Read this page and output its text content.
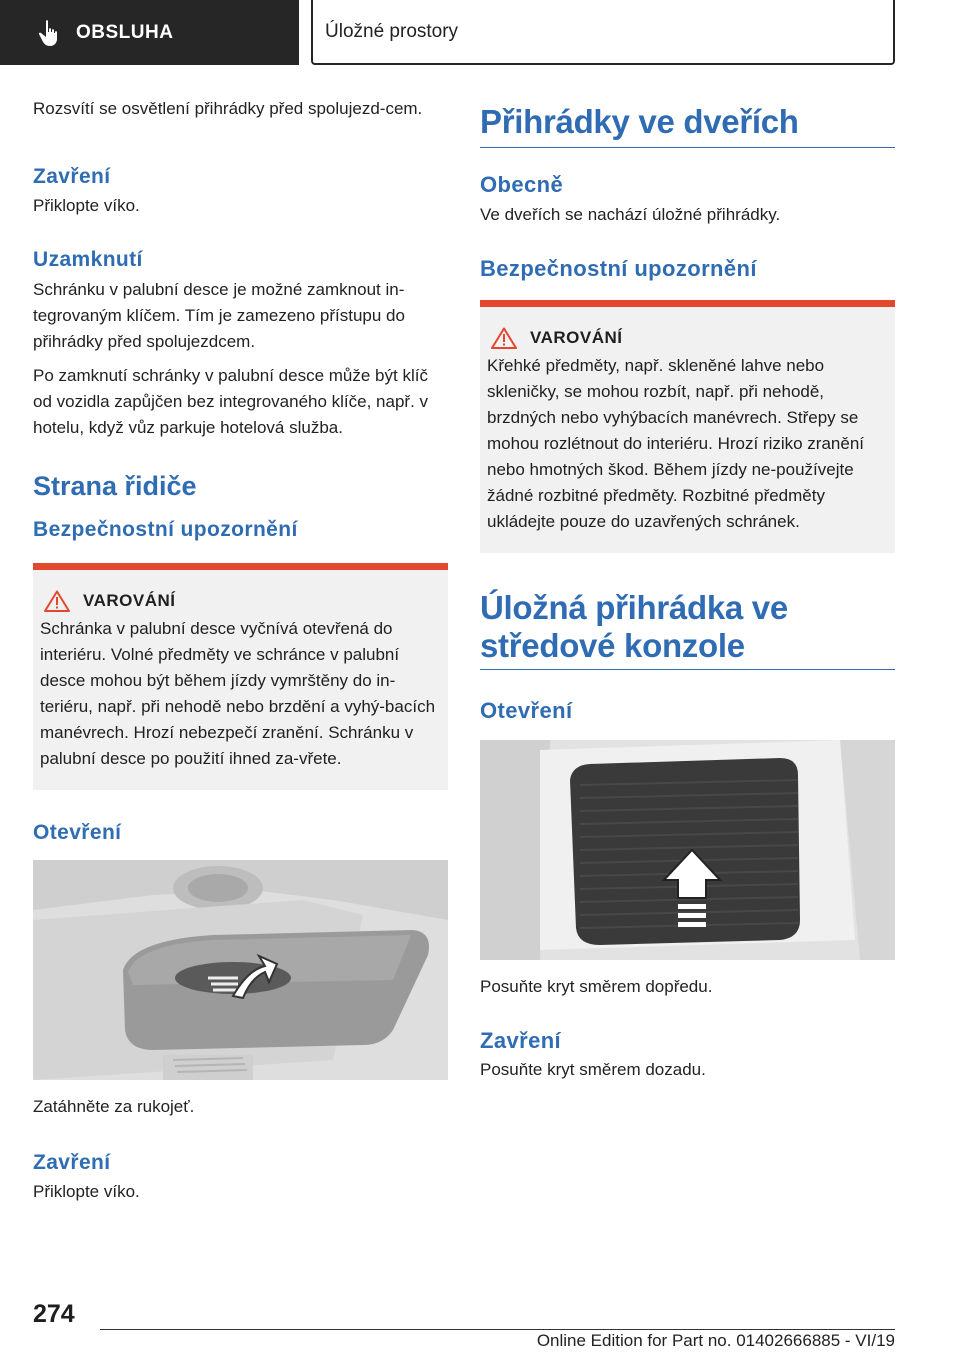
OBSLUHA	Úložné prostory

Rozsvítí se osvětlení přihrádky před spolujezd-cem.

Zavření

Přiklopte víko.

Uzamknutí

Schránku v palubní desce je možné zamknout in-tegrovaným klíčem. Tím je zamezeno přístupu do přihrádky před spolujezdcem.

Po zamknutí schránky v palubní desce může být klíč od vozidla zapůjčen bez integrovaného klíče, např. v hotelu, když vůz parkuje hotelová služba.

Strana řidiče
Bezpečnostní upozornění
VAROVÁNÍ

Schránka v palubní desce vyčnívá otevřená do interiéru. Volné předměty ve schránce v palubní desce mohou být během jízdy vymrštěny do in-teriéru, např. při nehodě nebo brzdění a vyhý-bacích manévrech. Hrozí nebezpečí zranění. Schránku v palubní desce po použití ihned za-vřete.

Otevření

Zatáhněte za rukojeť.

Zavření

Přiklopte víko.

Přihrádky ve dveřích
Obecně

Ve dveřích se nachází úložné přihrádky.

Bezpečnostní upozornění
VAROVÁNÍ

Křehké předměty, např. skleněné lahve nebo skleničky, se mohou rozbít, např. při nehodě, brzdných nebo vyhýbacích manévrech. Střepy se mohou rozlétnout do interiéru. Hrozí riziko zranění nebo hmotných škod. Během jízdy ne-používejte žádné rozbitné předměty. Rozbitné předměty ukládejte pouze do uzavřených schránek.

Úložná přihrádka ve
středové konzole
Otevření

Posuňte kryt směrem dopředu.

Zavření

Posuňte kryt směrem dozadu.

274
Online Edition for Part no. 01402666885 - VI/19
